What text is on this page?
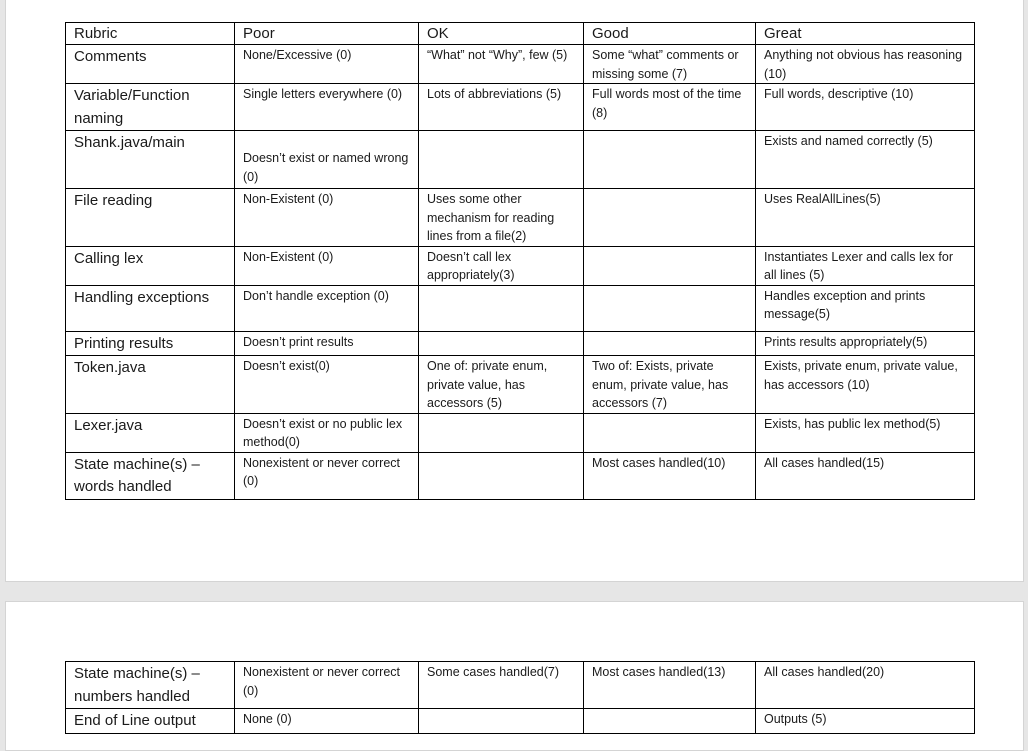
Rubric	Poor	OK	Good	Great
Comments	None/Excessive (0)	“What” not “Why”, few (5)	Some “what” comments or missing some (7)	Anything not obvious has reasoning (10)
Variable/Function naming	Single letters everywhere (0)	Lots of abbreviations (5)	Full words most of the time (8)	Full words, descriptive (10)
Shank.java/main	Doesn’t exist or named wrong (0)			Exists and named correctly (5)
File reading	Non-Existent (0)	Uses some other mechanism for reading lines from a file(2)		Uses RealAllLines(5)
Calling lex	Non-Existent (0)	Doesn’t call lex appropriately(3)		Instantiates Lexer and calls lex for all lines (5)
Handling exceptions	Don’t handle exception (0)			Handles exception and prints message(5)
Printing results	Doesn’t print results			Prints results appropriately(5)
Token.java	Doesn’t exist(0)	One of: private enum, private value, has accessors (5)	Two of: Exists, private enum, private value, has accessors (7)	Exists, private enum, private value, has accessors (10)
Lexer.java	Doesn’t exist or no public lex method(0)			Exists, has public lex method(5)
State machine(s) – words handled	Nonexistent or never correct (0)		Most cases handled(10)	All cases handled(15)
State machine(s) – numbers handled	Nonexistent or never correct (0)	Some cases handled(7)	Most cases handled(13)	All cases handled(20)
End of Line output	None (0)			Outputs (5)
